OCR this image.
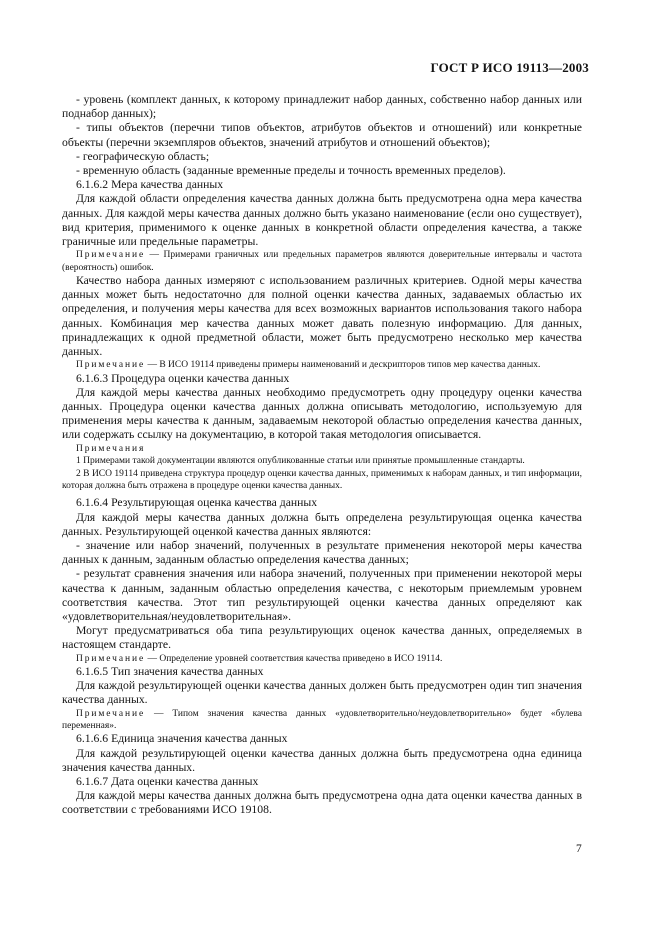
ГОСТ Р ИСО 19113—2003

- уровень (комплект данных, к которому принадлежит набор данных, собственно набор данных или поднабор данных);

- типы объектов (перечни типов объектов, атрибутов объектов и отношений) или конкретные объекты (перечни экземпляров объектов, значений атрибутов и отношений объектов);

- географическую область;

- временную область (заданные временные пределы и точность временных пределов).

6.1.6.2 Мера качества данных

Для каждой области определения качества данных должна быть предусмотрена одна мера качества данных. Для каждой меры качества данных должно быть указано наименование (если оно существует), вид критерия, применимого к оценке данных в конкретной области определения качества, а также граничные или предельные параметры.

Примечание — Примерами граничных или предельных параметров являются доверительные интервалы и частота (вероятность) ошибок.

Качество набора данных измеряют с использованием различных критериев. Одной меры качества данных может быть недостаточно для полной оценки качества данных, задаваемых областью их определения, и получения меры качества для всех возможных вариантов использования такого набора данных. Комбинация мер качества данных может давать полезную информацию. Для данных, принадлежащих к одной предметной области, может быть предусмотрено несколько мер качества данных.

Примечание — В ИСО 19114 приведены примеры наименований и дескрипторов типов мер качества данных.

6.1.6.3 Процедура оценки качества данных

Для каждой меры качества данных необходимо предусмотреть одну процедуру оценки качества данных. Процедура оценки качества данных должна описывать методологию, используемую для применения меры качества к данным, задаваемым некоторой областью определения качества данных, или содержать ссылку на документацию, в которой такая методология описывается.

Примечания

1 Примерами такой документации являются опубликованные статьи или принятые промышленные стандарты.

2 В ИСО 19114 приведена структура процедур оценки качества данных, применимых к наборам данных, и тип информации, которая должна быть отражена в процедуре оценки качества данных.

6.1.6.4 Результирующая оценка качества данных

Для каждой меры качества данных должна быть определена результирующая оценка качества данных. Результирующей оценкой качества данных являются:

- значение или набор значений, полученных в результате применения некоторой меры качества данных к данным, заданным областью определения качества данных;

- результат сравнения значения или набора значений, полученных при применении некоторой меры качества к данным, заданным областью определения качества, с некоторым приемлемым уровнем соответствия качества. Этот тип результирующей оценки качества данных определяют как «удовлетворительная/неудовлетворительная».

Могут предусматриваться оба типа результирующих оценок качества данных, определяемых в настоящем стандарте.

Примечание — Определение уровней соответствия качества приведено в ИСО 19114.

6.1.6.5 Тип значения качества данных

Для каждой результирующей оценки качества данных должен быть предусмотрен один тип значения качества данных.

Примечание — Типом значения качества данных «удовлетворительно/неудовлетворительно» будет «булева переменная».

6.1.6.6 Единица значения качества данных

Для каждой результирующей оценки качества данных должна быть предусмотрена одна единица значения качества данных.

6.1.6.7 Дата оценки качества данных

Для каждой меры качества данных должна быть предусмотрена одна дата оценки качества данных в соответствии с требованиями ИСО 19108.

7
